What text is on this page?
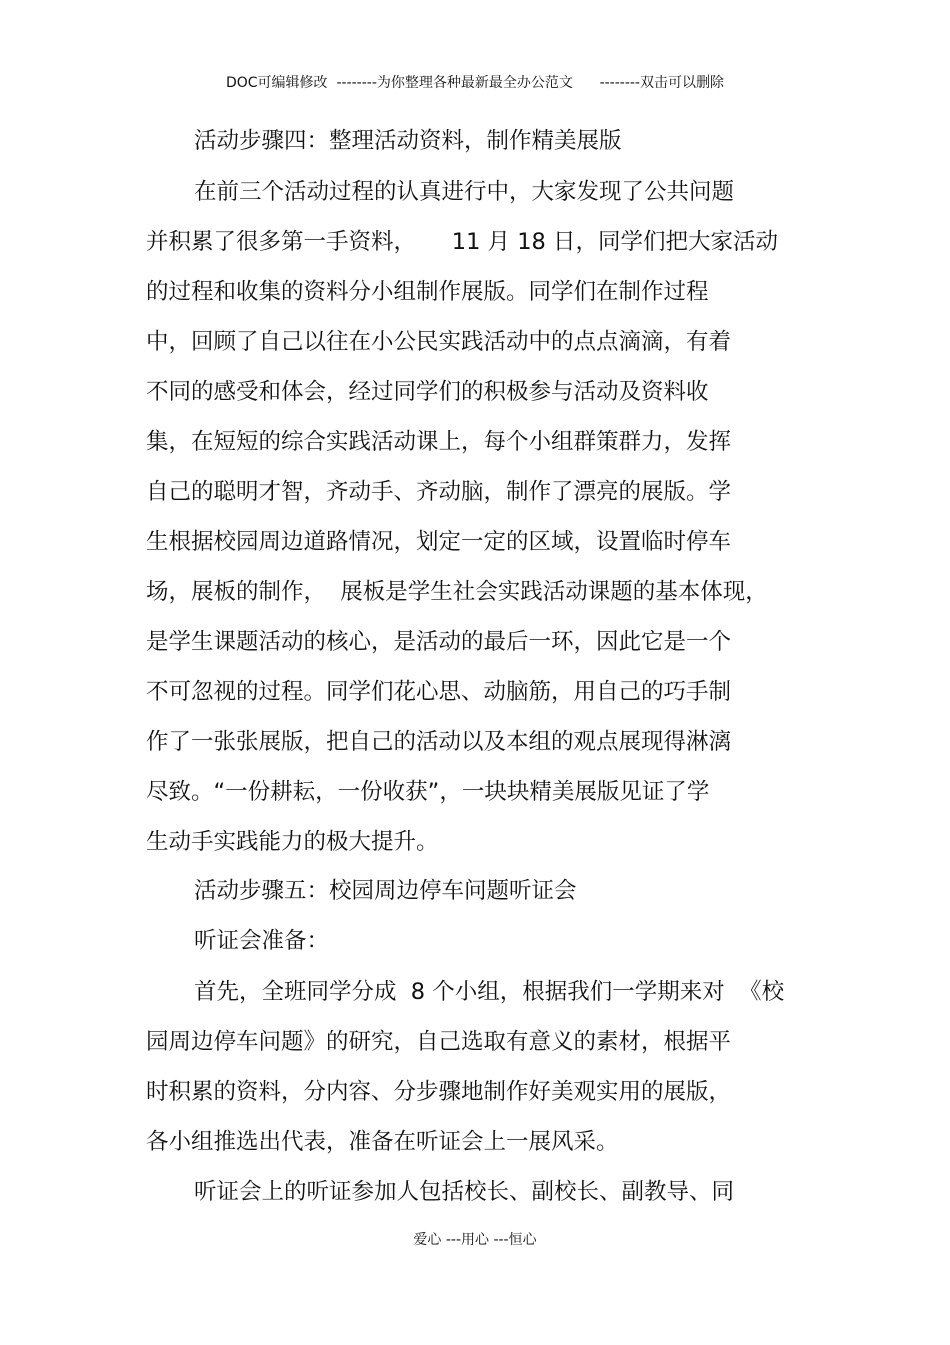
DOC可编辑修改  --------为你整理各种最新最全办公范文      --------双击可以删除
活动步骤四：整理活动资料，制作精美展版
在前三个活动过程的认真进行中，大家发现了公共问题
并积累了很多第一手资料，     11 月 18 日，同学们把大家活动
的过程和收集的资料分小组制作展版。同学们在制作过程
中，回顾了自己以往在小公民实践活动中的点点滴滴，有着
不同的感受和体会，经过同学们的积极参与活动及资料收
集，在短短的综合实践活动课上，每个小组群策群力，发挥
自己的聪明才智，齐动手、齐动脑，制作了漂亮的展版。学
生根据校园周边道路情况，划定一定的区域，设置临时停车
场，展板的制作，  展板是学生社会实践活动课题的基本体现，
是学生课题活动的核心，是活动的最后一环，因此它是一个
不可忽视的过程。同学们花心思、动脑筋，用自己的巧手制
作了一张张展版，把自己的活动以及本组的观点展现得淋漓
尽致。“一份耕耘，一份收获”，一块块精美展版见证了学
生动手实践能力的极大提升。
活动步骤五：校园周边停车问题听证会
听证会准备：
首先，全班同学分成  8 个小组，根据我们一学期来对  《校
园周边停车问题》的研究，自己选取有意义的素材，根据平
时积累的资料，分内容、分步骤地制作好美观实用的展版，
各小组推选出代表，准备在听证会上一展风采。
听证会上的听证参加人包括校长、副校长、副教导、同
爱心 ---用心 ---恒心
